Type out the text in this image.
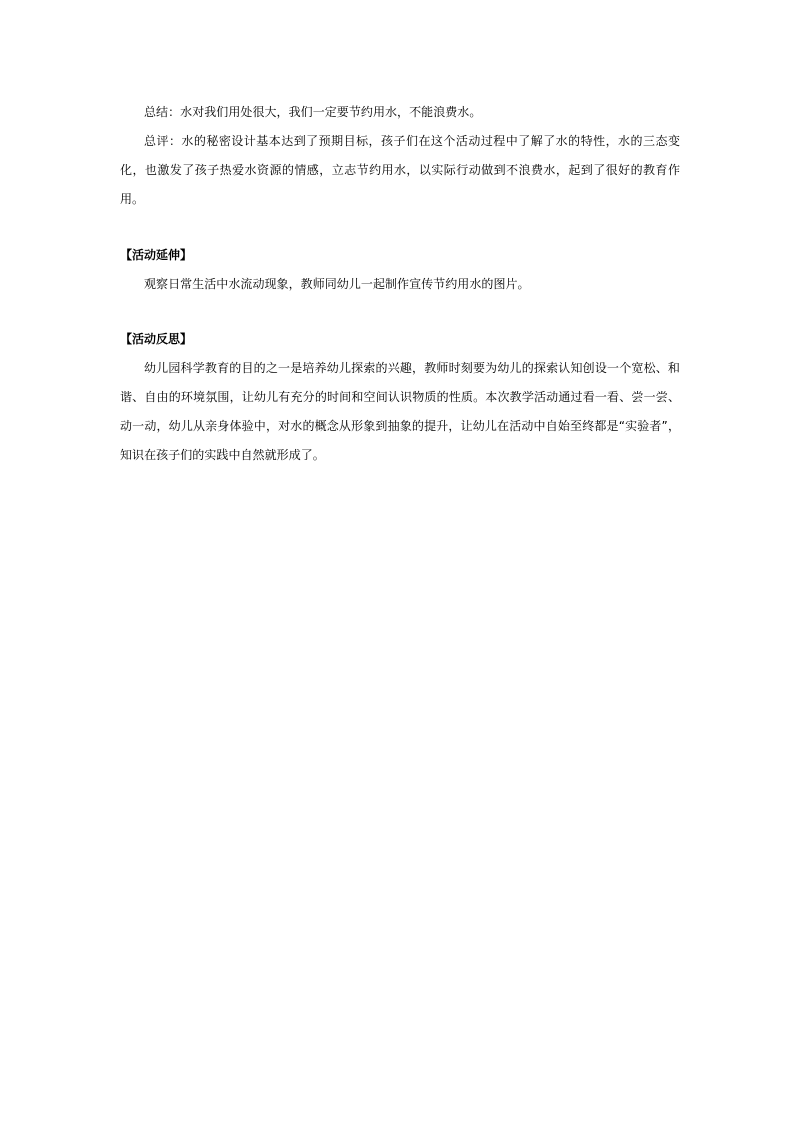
总结：水对我们用处很大，我们一定要节约用水，不能浪费水。

总评：水的秘密设计基本达到了预期目标，孩子们在这个活动过程中了解了水的特性，水的三态变化，也激发了孩子热爱水资源的情感，立志节约用水，以实际行动做到不浪费水，起到了很好的教育作用。

【活动延伸】

观察日常生活中水流动现象，教师同幼儿一起制作宣传节约用水的图片。

【活动反思】

幼儿园科学教育的目的之一是培养幼儿探索的兴趣，教师时刻要为幼儿的探索认知创设一个宽松、和谐、自由的环境氛围，让幼儿有充分的时间和空间认识物质的性质。本次教学活动通过看一看、尝一尝、动一动，幼儿从亲身体验中，对水的概念从形象到抽象的提升，让幼儿在活动中自始至终都是“实验者”，知识在孩子们的实践中自然就形成了。
